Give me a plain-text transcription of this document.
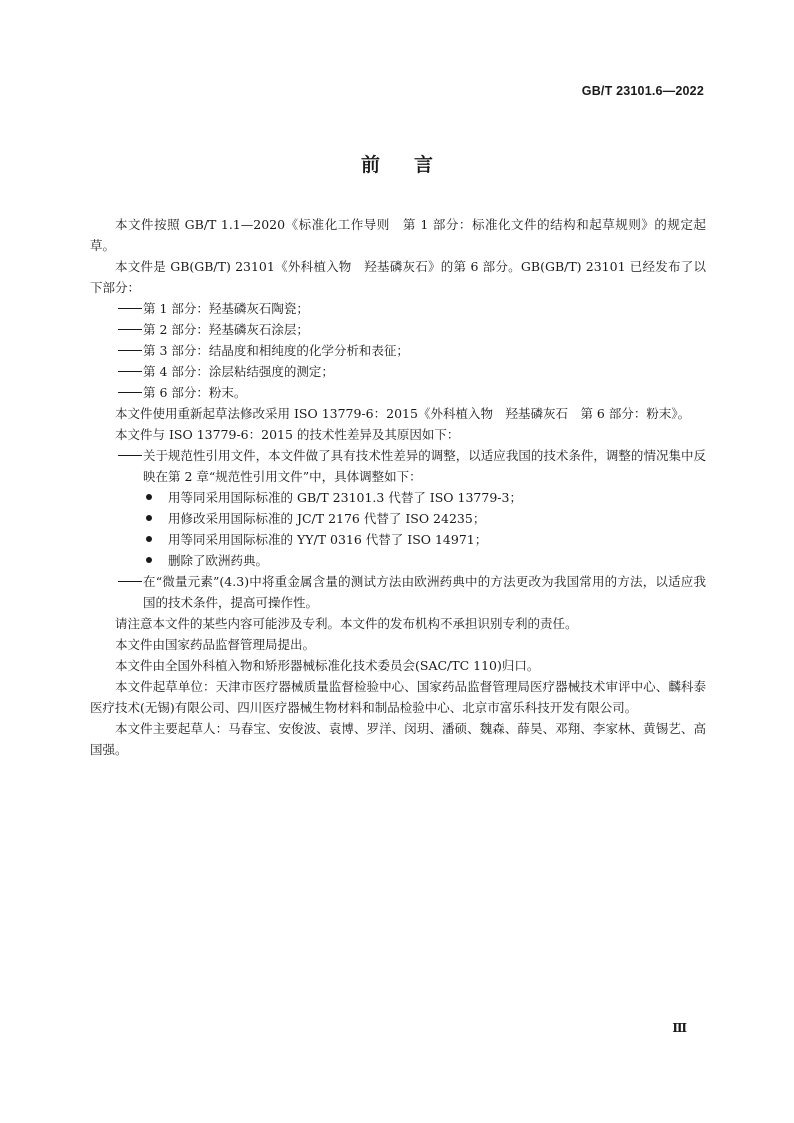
GB/T 23101.6—2022
前言

本文件按照 GB/T 1.1—2020《标准化工作导则　第 1 部分：标准化文件的结构和起草规则》的规定起草。

本文件是 GB(GB/T) 23101《外科植入物　羟基磷灰石》的第 6 部分。GB(GB/T) 23101 已经发布了以下部分：

第 1 部分：羟基磷灰石陶瓷；

第 2 部分：羟基磷灰石涂层；

第 3 部分：结晶度和相纯度的化学分析和表征；

第 4 部分：涂层粘结强度的测定；

第 6 部分：粉末。

本文件使用重新起草法修改采用 ISO 13779-6：2015《外科植入物　羟基磷灰石　第 6 部分：粉末》。

本文件与 ISO 13779-6：2015 的技术性差异及其原因如下：

关于规范性引用文件，本文件做了具有技术性差异的调整，以适应我国的技术条件，调整的情况集中反映在第 2 章“规范性引用文件”中，具体调整如下：

用等同采用国际标准的 GB/T 23101.3 代替了 ISO 13779-3；

用修改采用国际标准的 JC/T 2176 代替了 ISO 24235；

用等同采用国际标准的 YY/T 0316 代替了 ISO 14971；

删除了欧洲药典。

在“微量元素”(4.3)中将重金属含量的测试方法由欧洲药典中的方法更改为我国常用的方法，以适应我国的技术条件，提高可操作性。

请注意本文件的某些内容可能涉及专利。本文件的发布机构不承担识别专利的责任。

本文件由国家药品监督管理局提出。

本文件由全国外科植入物和矫形器械标准化技术委员会(SAC/TC 110)归口。

本文件起草单位：天津市医疗器械质量监督检验中心、国家药品监督管理局医疗器械技术审评中心、麟科泰医疗技术(无锡)有限公司、四川医疗器械生物材料和制品检验中心、北京市富乐科技开发有限公司。

本文件主要起草人：马春宝、安俊波、袁博、罗洋、闵玥、潘硕、魏森、薛昊、邓翔、李家林、黄锡艺、高国强。

Ⅲ
